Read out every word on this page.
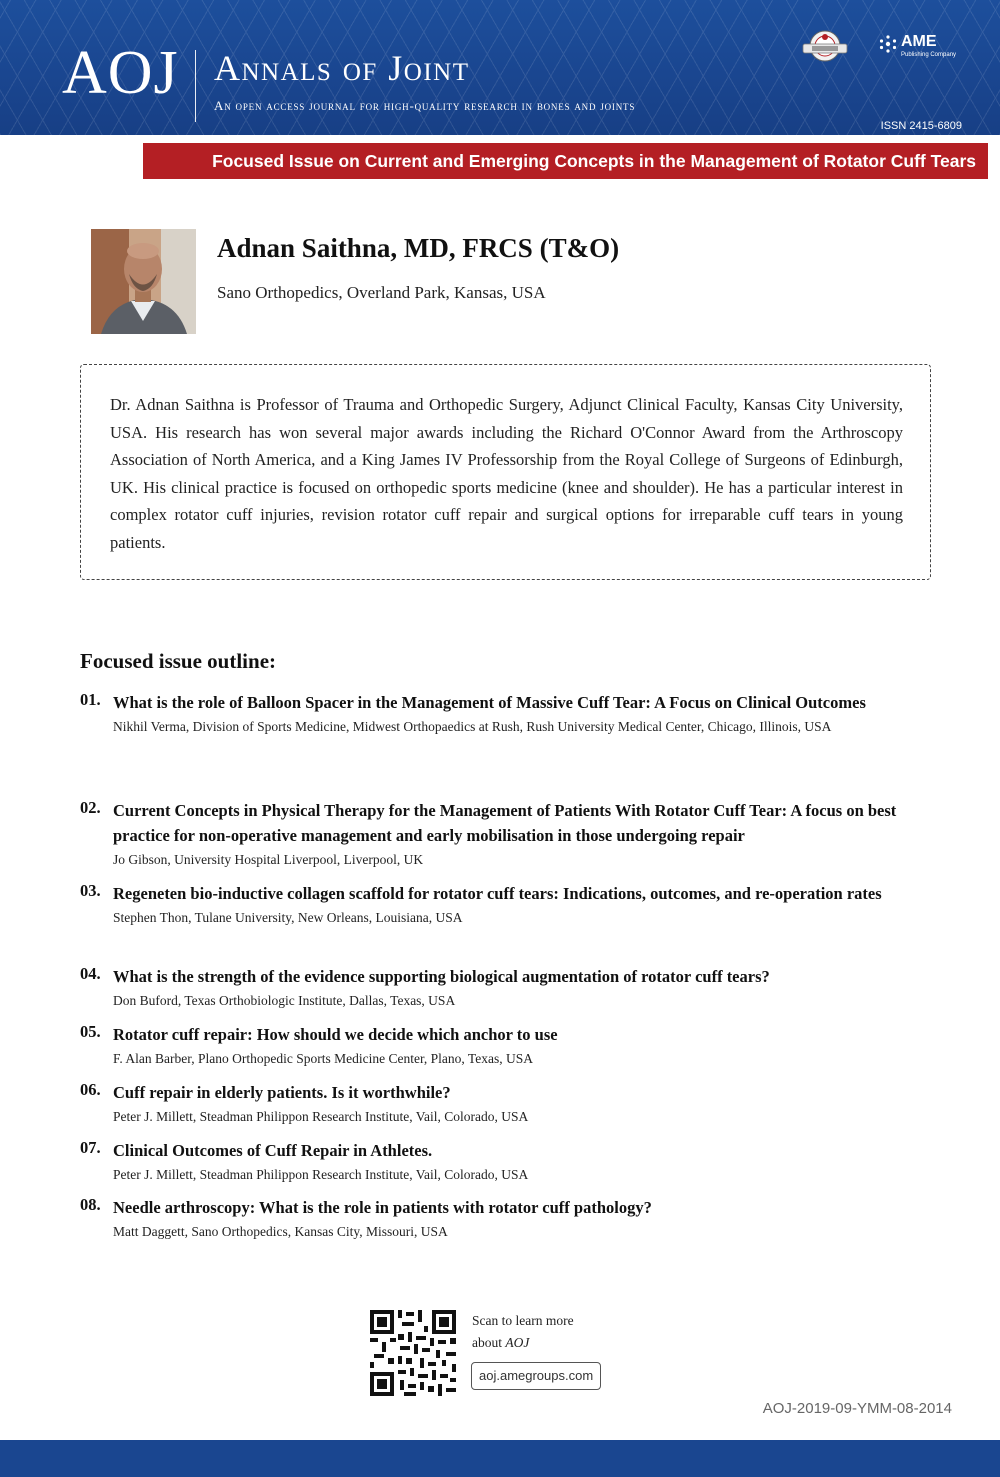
AOJ Annals of Joint
An open access journal for high-quality research in bones and joints
ISSN 2415-6809
AME
Publishing Company
Focused Issue on Current and Emerging Concepts in the Management of Rotator Cuff Tears
Adnan Saithna, MD, FRCS (T&O)
Sano Orthopedics, Overland Park, Kansas, USA
Dr. Adnan Saithna is Professor of Trauma and Orthopedic Surgery, Adjunct Clinical Faculty, Kansas City University, USA. His research has won several major awards including the Richard O'Connor Award from the Arthroscopy Association of North America, and a King James IV Professorship from the Royal College of Surgeons of Edinburgh, UK. His clinical practice is focused on orthopedic sports medicine (knee and shoulder). He has a particular interest in complex rotator cuff injuries, revision rotator cuff repair and surgical options for irreparable cuff tears in young patients.
Focused issue outline:
01. What is the role of Balloon Spacer in the Management of Massive Cuff Tear: A Focus on Clinical Outcomes
Nikhil Verma, Division of Sports Medicine, Midwest Orthopaedics at Rush, Rush University Medical Center, Chicago, Illinois, USA
02. Current Concepts in Physical Therapy for the Management of Patients With Rotator Cuff Tear: A focus on best practice for non-operative management and early mobilisation in those undergoing repair
Jo Gibson, University Hospital Liverpool, Liverpool, UK
03. Regeneten bio-inductive collagen scaffold for rotator cuff tears: Indications, outcomes, and re-operation rates
Stephen Thon, Tulane University, New Orleans, Louisiana, USA
04. What is the strength of the evidence supporting biological augmentation of rotator cuff tears?
Don Buford, Texas Orthobiologic Institute, Dallas, Texas, USA
05. Rotator cuff repair: How should we decide which anchor to use
F. Alan Barber, Plano Orthopedic Sports Medicine Center, Plano, Texas, USA
06. Cuff repair in elderly patients. Is it worthwhile?
Peter J. Millett, Steadman Philippon Research Institute, Vail, Colorado, USA
07. Clinical Outcomes of Cuff Repair in Athletes.
Peter J. Millett, Steadman Philippon Research Institute, Vail, Colorado, USA
08. Needle arthroscopy: What is the role in patients with rotator cuff pathology?
Matt Daggett, Sano Orthopedics, Kansas City, Missouri, USA
Scan to learn more
about AOJ
aoj.amegroups.com
AOJ-2019-09-YMM-08-2014
